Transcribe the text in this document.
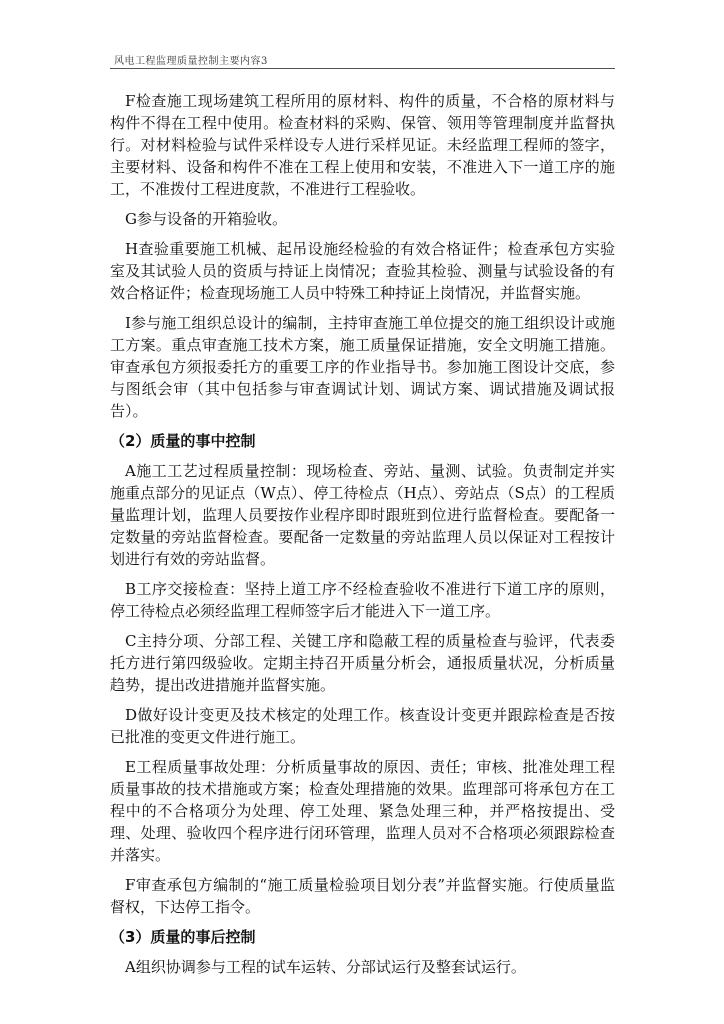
风电工程监理质量控制主要内容3

F检查施工现场建筑工程所用的原材料、构件的质量，不合格的原材料与构件不得在工程中使用。检查材料的采购、保管、领用等管理制度并监督执行。对材料检验与试件采样设专人进行采样见证。未经监理工程师的签字，主要材料、设备和构件不准在工程上使用和安装，不准进入下一道工序的施工，不准拨付工程进度款，不准进行工程验收。

G参与设备的开箱验收。

H查验重要施工机械、起吊设施经检验的有效合格证件；检查承包方实验室及其试验人员的资质与持证上岗情况；查验其检验、测量与试验设备的有效合格证件；检查现场施工人员中特殊工种持证上岗情况，并监督实施。

I参与施工组织总设计的编制，主持审查施工单位提交的施工组织设计或施工方案。重点审查施工技术方案，施工质量保证措施，安全文明施工措施。审查承包方须报委托方的重要工序的作业指导书。参加施工图设计交底，参与图纸会审（其中包括参与审查调试计划、调试方案、调试措施及调试报告）。

（2）质量的事中控制

A施工工艺过程质量控制：现场检查、旁站、量测、试验。负责制定并实施重点部分的见证点（W点）、停工待检点（H点）、旁站点（S点）的工程质量监理计划，监理人员要按作业程序即时跟班到位进行监督检查。要配备一定数量的旁站监督检查。要配备一定数量的旁站监理人员以保证对工程按计划进行有效的旁站监督。

B工序交接检查：坚持上道工序不经检查验收不准进行下道工序的原则，停工待检点必须经监理工程师签字后才能进入下一道工序。

C主持分项、分部工程、关键工序和隐蔽工程的质量检查与验评，代表委托方进行第四级验收。定期主持召开质量分析会，通报质量状况，分析质量趋势，提出改进措施并监督实施。

D做好设计变更及技术核定的处理工作。核查设计变更并跟踪检查是否按已批准的变更文件进行施工。

E工程质量事故处理：分析质量事故的原因、责任；审核、批准处理工程质量事故的技术措施或方案；检查处理措施的效果。监理部可将承包方在工程中的不合格项分为处理、停工处理、紧急处理三种，并严格按提出、受理、处理、验收四个程序进行闭环管理，监理人员对不合格项必须跟踪检查并落实。

F审查承包方编制的“施工质量检验项目划分表”并监督实施。行使质量监督权，下达停工指令。

（3）质量的事后控制

A组织协调参与工程的试车运转、分部试运行及整套试运行。
